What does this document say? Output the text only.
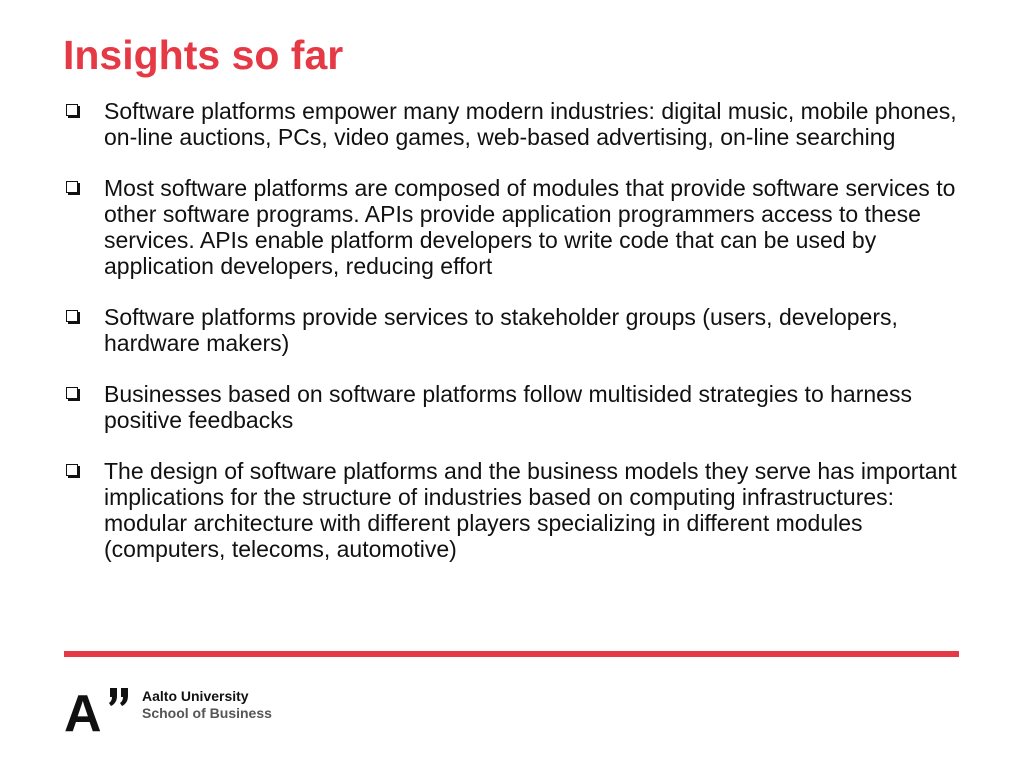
Insights so far
Software platforms empower many modern industries: digital music, mobile phones, on-line auctions, PCs, video games, web-based advertising, on-line searching
Most software platforms are composed of modules that provide software services to other software programs. APIs provide application programmers access to these services. APIs enable platform developers to write code that can be used by application developers, reducing effort
Software platforms provide services to stakeholder groups (users, developers, hardware makers)
Businesses based on software platforms follow multisided strategies to harness positive feedbacks
The design of software platforms and the business models they serve has important implications for the structure of industries based on computing infrastructures: modular architecture with different players specializing in different modules (computers, telecoms, automotive)
A	Aalto University
School of Business
